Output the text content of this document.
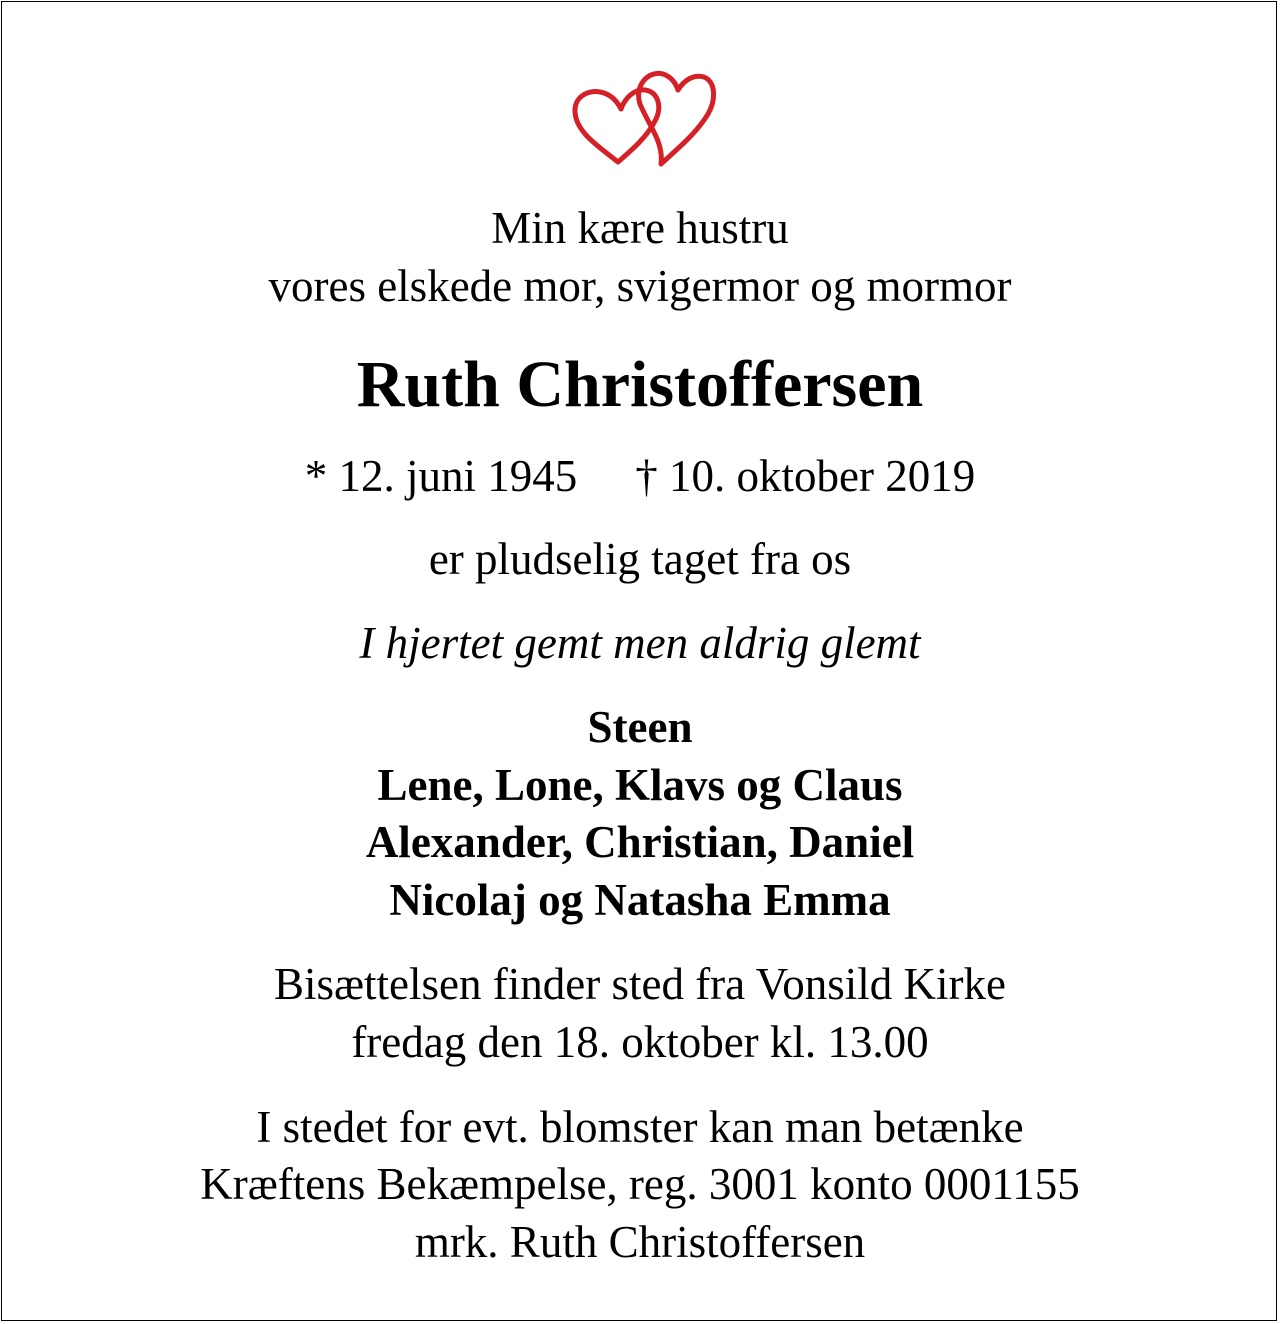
Min kære hustru
vores elskede mor, svigermor og mormor
Ruth Christoffersen
* 12. juni 1945 † 10. oktober 2019
er pludselig taget fra os
I hjertet gemt men aldrig glemt
Steen
Lene, Lone, Klavs og Claus
Alexander, Christian, Daniel
Nicolaj og Natasha Emma
Bisættelsen finder sted fra Vonsild Kirke
fredag den 18. oktober kl. 13.00
I stedet for evt. blomster kan man betænke
Kræftens Bekæmpelse, reg. 3001 konto 0001155
mrk. Ruth Christoffersen
